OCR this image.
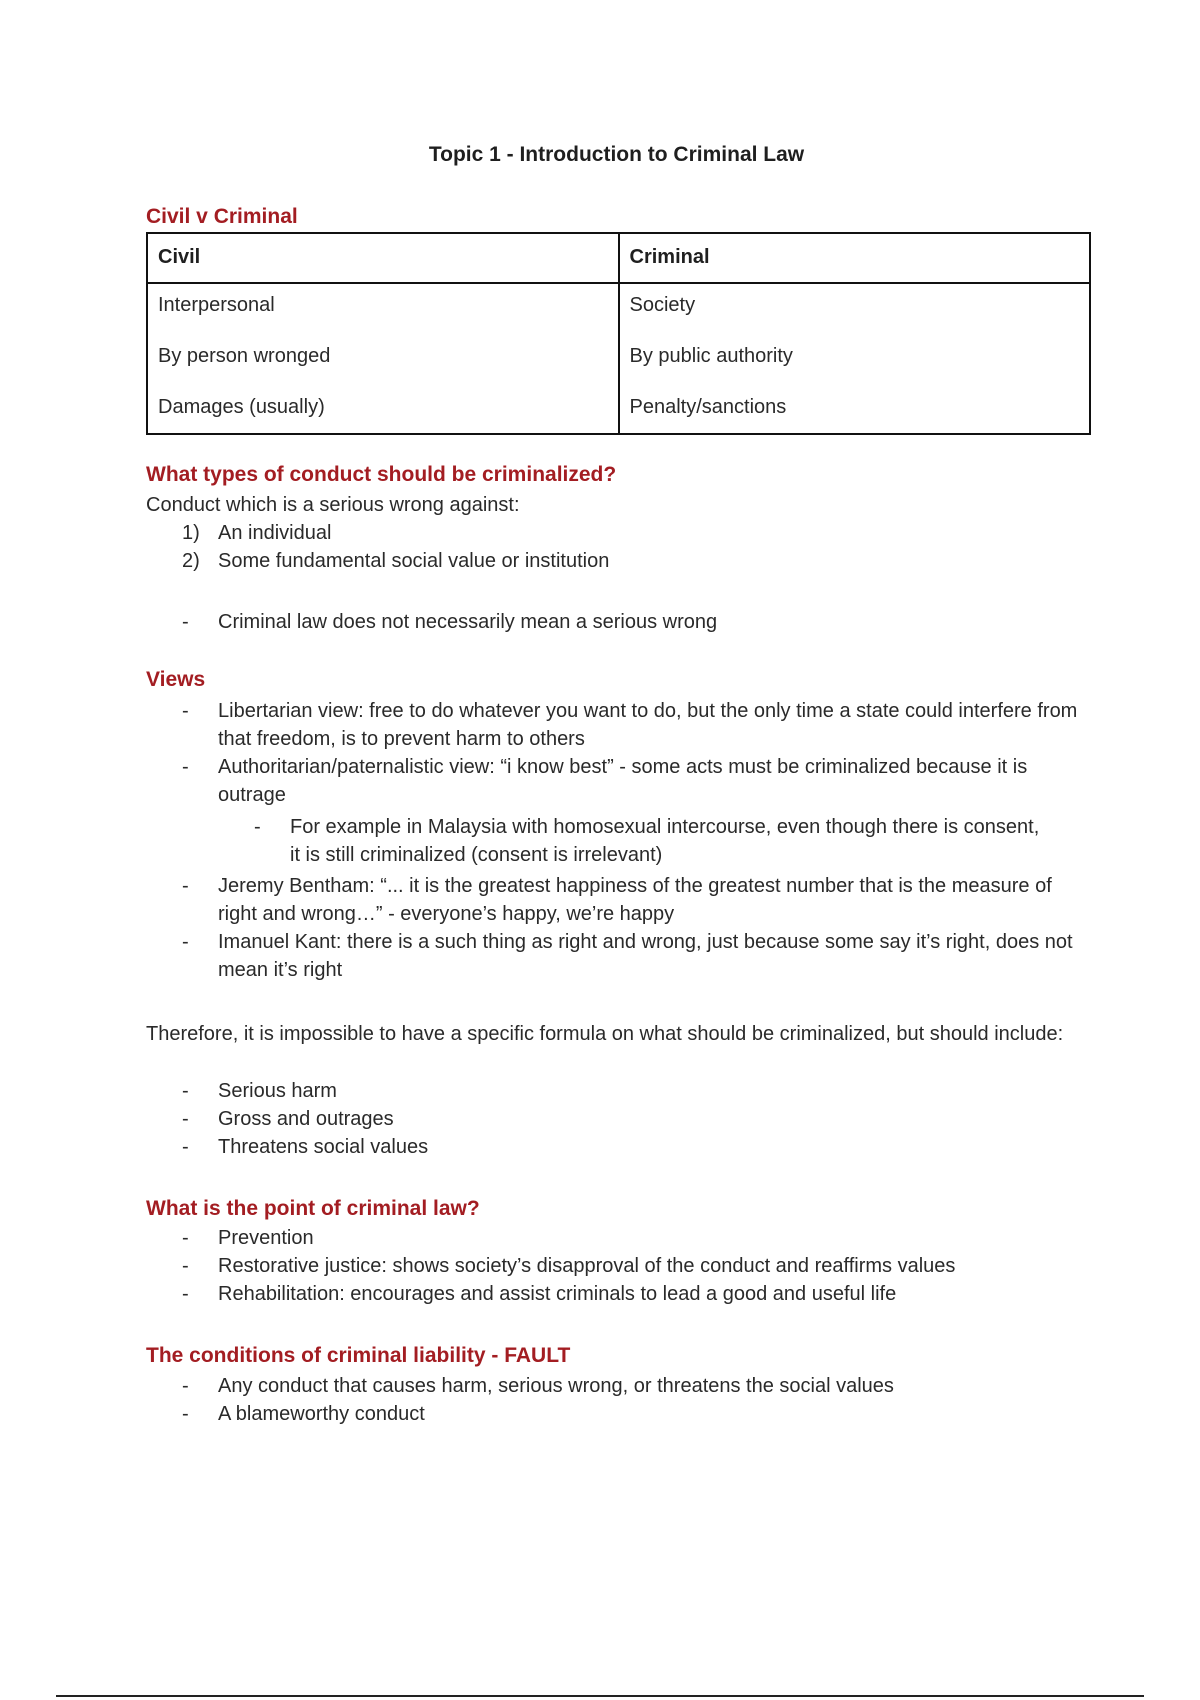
Topic 1 - Introduction to Criminal Law
Civil v Criminal
Civil	Criminal
Interpersonal	Society
By person wronged	By public authority
Damages (usually)	Penalty/sanctions
What types of conduct should be criminalized?
Conduct which is a serious wrong against:
1) An individual
2) Some fundamental social value or institution
-	Criminal law does not necessarily mean a serious wrong
Views
-	Libertarian view: free to do whatever you want to do, but the only time a state could interfere from that freedom, is to prevent harm to others
-	Authoritarian/paternalistic view: “i know best” - some acts must be criminalized because it is outrage
-	For example in Malaysia with homosexual intercourse, even though there is consent, it is still criminalized (consent is irrelevant)
-	Jeremy Bentham: “... it is the greatest happiness of the greatest number that is the measure of right and wrong…” - everyone’s happy, we’re happy
-	Imanuel Kant: there is a such thing as right and wrong, just because some say it’s right, does not mean it’s right
Therefore, it is impossible to have a specific formula on what should be criminalized, but should include:
-	Serious harm
-	Gross and outrages
-	Threatens social values
What is the point of criminal law?
-	Prevention
-	Restorative justice: shows society’s disapproval of the conduct and reaffirms values
-	Rehabilitation: encourages and assist criminals to lead a good and useful life
The conditions of criminal liability - FAULT
-	Any conduct that causes harm, serious wrong, or threatens the social values
-	A blameworthy conduct
